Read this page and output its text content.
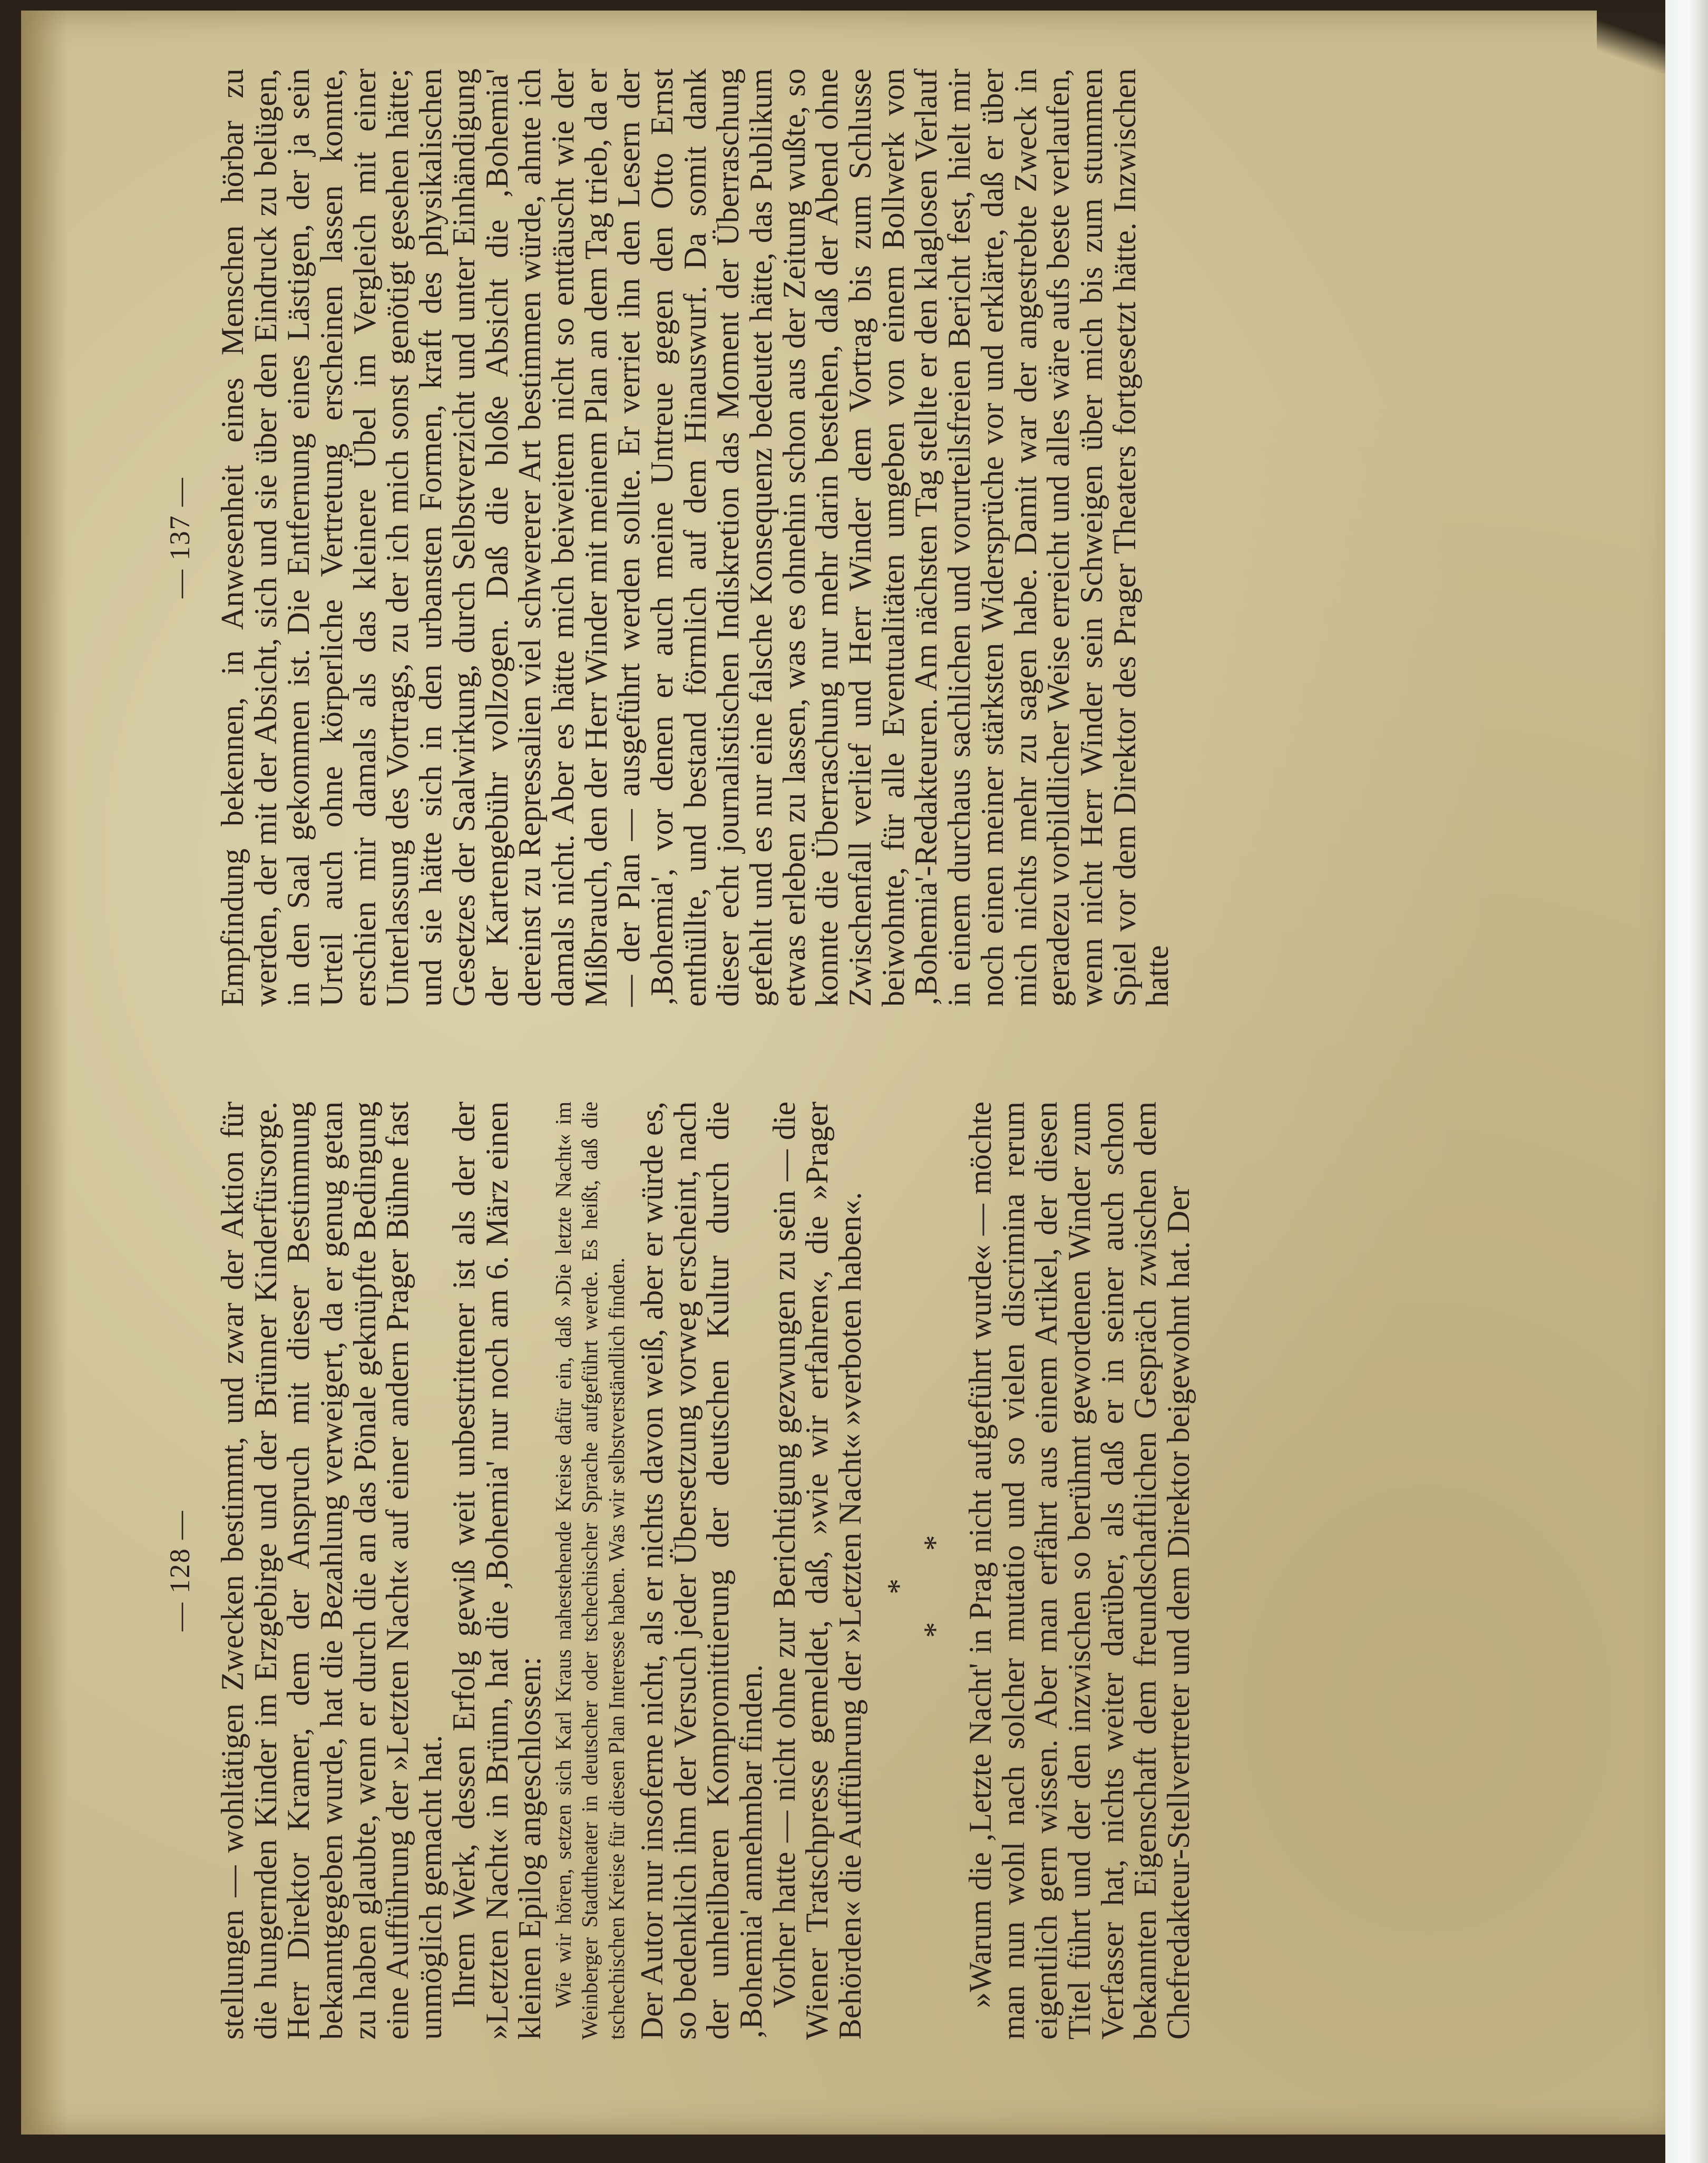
— 128 — stellungen — wohltätigen Zwecken bestimmt, und zwar der Aktion für die hungernden Kinder im Erzgebirge und der Brünner Kinderfürsorge. Herr Direktor Kramer, dem der Anspruch mit dieser Bestimmung bekanntgegeben wurde, hat die Bezahlung verweigert, da er genug getan zu haben glaubte, wenn er durch die an das Pönale geknüpfte Bedingung eine Aufführung der »Letzten Nacht« auf einer andern Prager Bühne fast unmöglich gemacht hat.

Ihrem Werk, dessen Erfolg gewiß weit unbestrittener ist als der der »Letzten Nacht« in Brünn, hat die ‚Bohemia' nur noch am 6. März einen kleinen Epilog angeschlossen: Wie wir hören, setzen sich Karl Kraus nahestehende Kreise dafür ein, daß »Die letzte Nacht« im Weinberger Stadttheater in deutscher oder tschechischer Sprache aufgeführt werde. Es heißt, daß die tschechischen Kreise für diesen Plan Interesse haben. Was wir selbstverständlich finden. Der Autor nur insoferne nicht, als er nichts davon weiß, aber er würde es, so bedenklich ihm der Versuch jeder Übersetzung vorweg erscheint, nach der unheilbaren Kompromittierung der deutschen Kultur durch die ‚Bohemia' annehmbar finden.

Vorher hatte — nicht ohne zur Berichtigung gezwungen zu sein — die Wiener Tratschpresse gemeldet, daß, »wie wir erfahren«, die »Prager Behörden« die Aufführung der »Letzten Nacht« »verboten haben«. * * * »Warum die ‚Letzte Nacht' in Prag nicht aufgeführt wurde« — möchte man nun wohl nach solcher mutatio und so vielen discrimina rerum eigentlich gern wissen. Aber man erfährt aus einem Artikel, der diesen Titel führt und der den inzwischen so berühmt gewordenen Winder zum Verfasser hat, nichts weiter darüber, als daß er in seiner auch schon bekannten Eigenschaft dem freundschaftlichen Gespräch zwischen dem Chefredakteur-Stellvertreter und dem Direktor beigewohnt hat. Der

— 137 — Empfindung bekennen, in Anwesenheit eines Menschen hörbar zu werden, der mit der Absicht, sich und sie über den Eindruck zu belügen, in den Saal gekommen ist. Die Entfernung eines Lästigen, der ja sein Urteil auch ohne körperliche Vertretung erscheinen lassen konnte, erschien mir damals als das kleinere Übel im Vergleich mit einer Unterlassung des Vortrags, zu der ich mich sonst genötigt gesehen hätte; und sie hätte sich in den urbansten Formen, kraft des physikalischen Gesetzes der Saalwirkung, durch Selbstverzicht und unter Einhändigung der Kartengebühr vollzogen. Daß die bloße Absicht die ‚Bohemia' dereinst zu Repressalien viel schwererer Art bestimmen würde, ahnte ich damals nicht. Aber es hätte mich beiweitem nicht so enttäuscht wie der Mißbrauch, den der Herr Winder mit meinem Plan an dem Tag trieb, da er — der Plan — ausgeführt werden sollte. Er verriet ihn den Lesern der ‚Bohemia', vor denen er auch meine Untreue gegen den Otto Ernst enthüllte, und bestand förmlich auf dem Hinauswurf. Da somit dank dieser echt journalistischen Indiskretion das Moment der Überraschung gefehlt und es nur eine falsche Konsequenz bedeutet hätte, das Publikum etwas erleben zu lassen, was es ohnehin schon aus der Zeitung wußte, so konnte die Überraschung nur mehr darin bestehen, daß der Abend ohne Zwischenfall verlief und Herr Winder dem Vortrag bis zum Schlusse beiwohnte, für alle Eventualitäten umgeben von einem Bollwerk von ‚Bohemia'-Redakteuren. Am nächsten Tag stellte er den klaglosen Verlauf in einem durchaus sachlichen und vorurteilsfreien Bericht fest, hielt mir noch einen meiner stärksten Widersprüche vor und erklärte, daß er über mich nichts mehr zu sagen habe. Damit war der angestrebte Zweck in geradezu vorbildlicher Weise erreicht und alles wäre aufs beste verlaufen, wenn nicht Herr Winder sein Schweigen über mich bis zum stummen Spiel vor dem Direktor des Prager Theaters fortgesetzt hätte. Inzwischen hatte
